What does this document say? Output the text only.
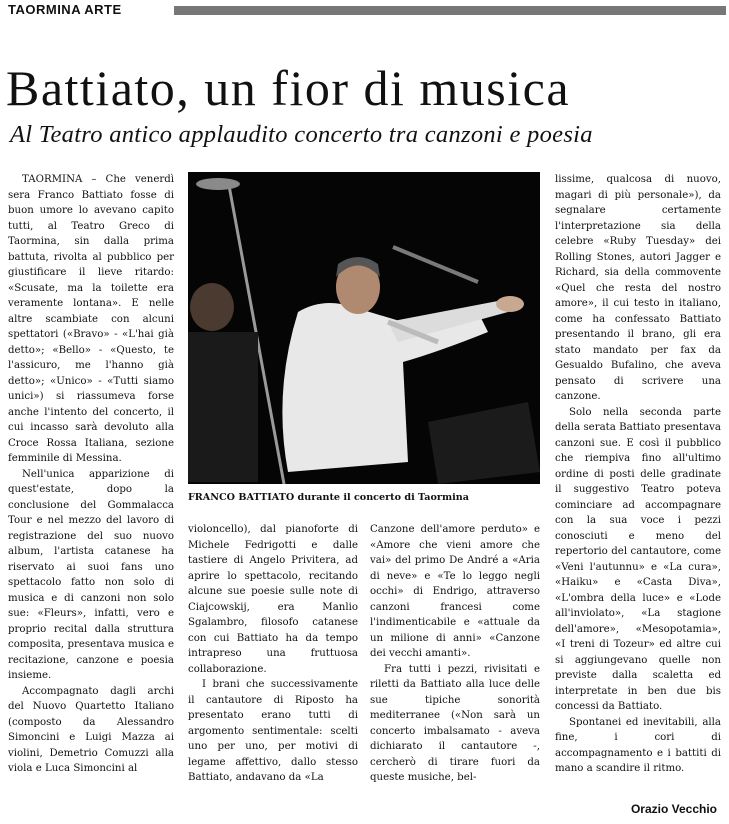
TAORMINA ARTE
Battiato, un fior di musica
Al Teatro antico applaudito concerto tra canzoni e poesia

TAORMINA – Che venerdì sera Franco Battiato fosse di buon umore lo avevano capito tutti, al Teatro Greco di Taormina, sin dalla prima battuta, rivolta al pubblico per giustificare il lieve ritardo: «Scusate, ma la toilette era veramente lontana». E nelle altre scambiate con alcuni spettatori («Bravo» - «L'hai già detto»; «Bello» - «Questo, te l'assicuro, me l'hanno già detto»; «Unico» - «Tutti siamo unici») si riassumeva forse anche l'intento del concerto, il cui incasso sarà devoluto alla Croce Rossa Italiana, sezione femminile di Messina.

Nell'unica apparizione di quest'estate, dopo la conclusione del Gommalacca Tour e nel mezzo del lavoro di registrazione del suo nuovo album, l'artista catanese ha riservato ai suoi fans uno spettacolo fatto non solo di musica e di canzoni non solo sue: «Fleurs», infatti, vero e proprio recital dalla struttura composita, presentava musica e recitazione, canzone e poesia insieme.

Accompagnato dagli archi del Nuovo Quartetto Italiano (composto da Alessandro Simoncini e Luigi Mazza ai violini, Demetrio Comuzzi alla viola e Luca Simoncini al

FRANCO BATTIATO durante il concerto di Taormina

violoncello), dal pianoforte di Michele Fedrigotti e dalle tastiere di Angelo Privitera, ad aprire lo spettacolo, recitando alcune sue poesie sulle note di Ciajcowskij, era Manlio Sgalambro, filosofo catanese con cui Battiato ha da tempo intrapreso una fruttuosa collaborazione.

I brani che successivamente il cantautore di Riposto ha presentato erano tutti di argomento sentimentale: scelti uno per uno, per motivi di legame affettivo, dallo stesso Battiato, andavano da «La

Canzone dell'amore perduto» e «Amore che vieni amore che vai» del primo De André a «Aria di neve» e «Te lo leggo negli occhi» di Endrigo, attraverso canzoni francesi come l'indimenticabile e «attuale da un milione di anni» «Canzone dei vecchi amanti».

Fra tutti i pezzi, rivisitati e riletti da Battiato alla luce delle sue tipiche sonorità mediterranee («Non sarà un concerto imbalsamato - aveva dichiarato il cantautore -, cercherò di tirare fuori da queste musiche, bel-

lissime, qualcosa di nuovo, magari di più personale»), da segnalare certamente l'interpretazione sia della celebre «Ruby Tuesday» dei Rolling Stones, autori Jagger e Richard, sia della commovente «Quel che resta del nostro amore», il cui testo in italiano, come ha confessato Battiato presentando il brano, gli era stato mandato per fax da Gesualdo Bufalino, che aveva pensato di scrivere una canzone.

Solo nella seconda parte della serata Battiato presentava canzoni sue. E così il pubblico che riempiva fino all'ultimo ordine di posti delle gradinate il suggestivo Teatro poteva cominciare ad accompagnare con la sua voce i pezzi conosciuti e meno del repertorio del cantautore, come «Veni l'autunnu» e «La cura», «Haiku» e «Casta Diva», «L'ombra della luce» e «Lode all'inviolato», «La stagione dell'amore», «Mesopotamia», «I treni di Tozeur» ed altre cui si aggiungevano quelle non previste dalla scaletta ed interpretate in ben due bis concessi da Battiato.

Spontanei ed inevitabili, alla fine, i cori di accompagnamento e i battiti di mano a scandire il ritmo.

Orazio Vecchio
